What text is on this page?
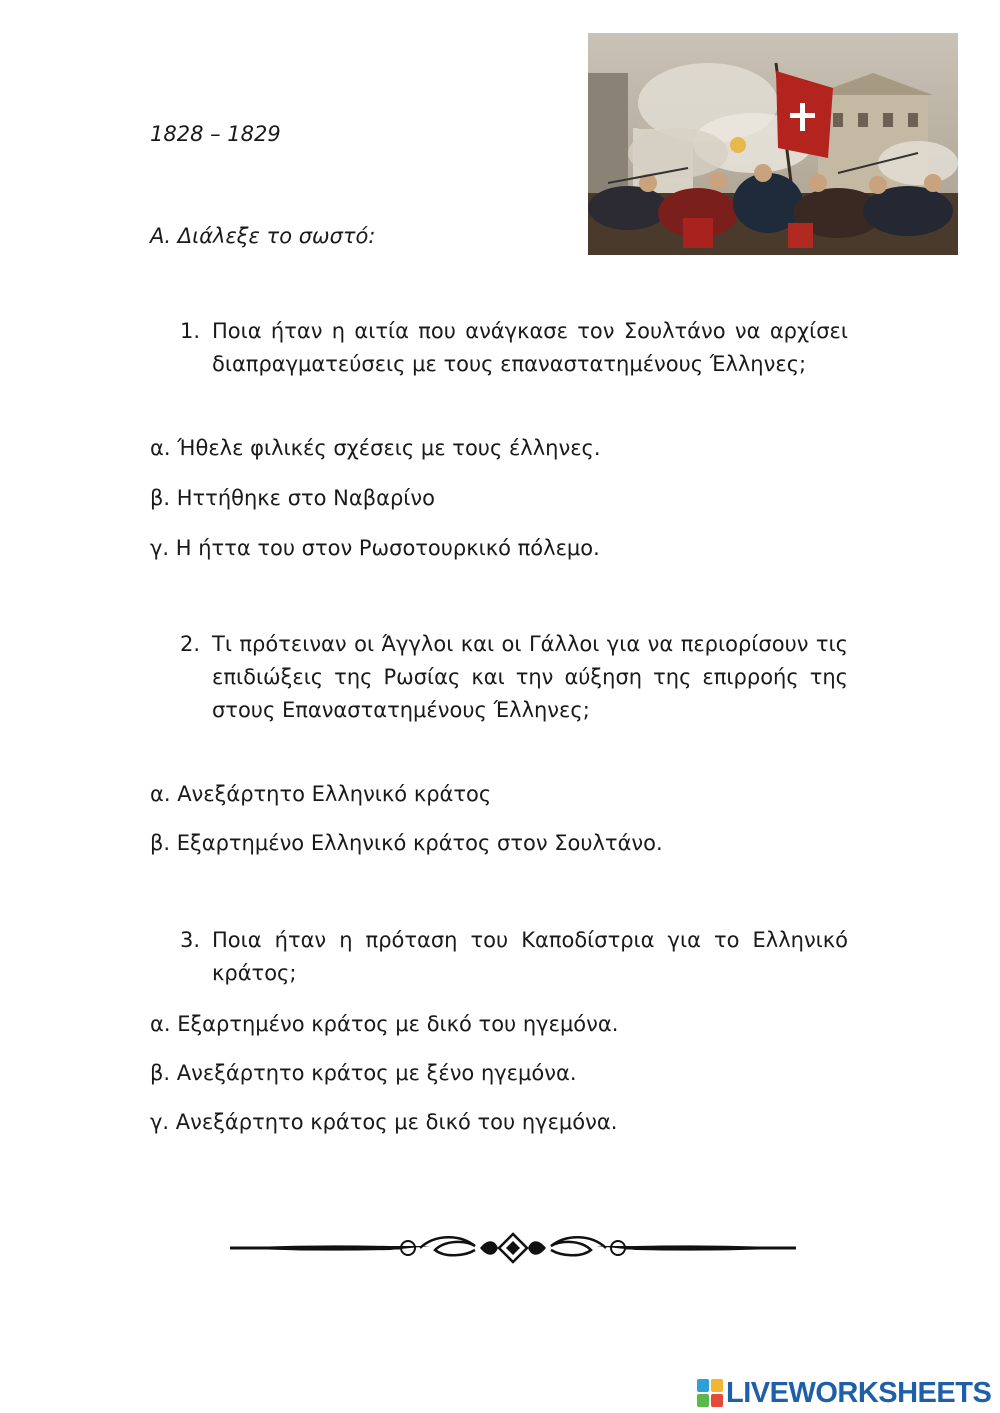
1828 – 1829
Α. Διάλεξε το σωστό:
1. Ποια ήταν η αιτία που ανάγκασε τον Σουλτάνο να αρχίσει διαπραγματεύσεις με τους επαναστατημένους Έλληνες;
α. Ήθελε φιλικές σχέσεις με τους έλληνες.
β. Ηττήθηκε στο Ναβαρίνο
γ. Η ήττα του στον Ρωσοτουρκικό πόλεμο.
2. Τι πρότειναν οι Άγγλοι και οι Γάλλοι για να περιορίσουν τις επιδιώξεις της Ρωσίας και την αύξηση της επιρροής της στους Επαναστατημένους Έλληνες;
α. Ανεξάρτητο Ελληνικό κράτος
β. Εξαρτημένο Ελληνικό κράτος στον Σουλτάνο.
3. Ποια ήταν η πρόταση του Καποδίστρια για το Ελληνικό κράτος;
α. Εξαρτημένο κράτος με δικό του ηγεμόνα.
β. Ανεξάρτητο κράτος με ξένο ηγεμόνα.
γ. Ανεξάρτητο κράτος με δικό του ηγεμόνα.
LIVEWORKSHEETS
